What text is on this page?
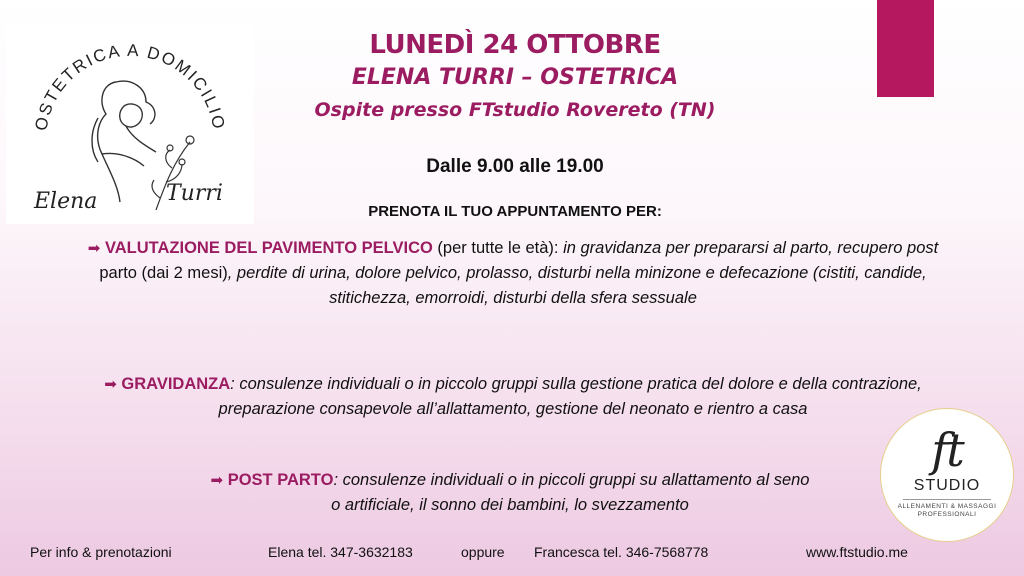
OSTETRICA A DOMICILIO
Elena	Turri
LUNEDÌ 24 OTTOBRE
ELENA TURRI – OSTETRICA
Ospite presso FTstudio Rovereto (TN)
Dalle 9.00 alle 19.00
PRENOTA IL TUO APPUNTAMENTO PER:
➡ VALUTAZIONE DEL PAVIMENTO PELVICO (per tutte le età): in gravidanza per prepararsi al parto, recupero post
parto (dai 2 mesi), perdite di urina, dolore pelvico, prolasso, disturbi nella minizone e defecazione (cistiti, candide,
stitichezza, emorroidi, disturbi della sfera sessuale
➡ GRAVIDANZA: consulenze individuali o in piccolo gruppi sulla gestione pratica del dolore e della contrazione,
preparazione consapevole all’allattamento, gestione del neonato e rientro a casa
➡ POST PARTO: consulenze individuali o in piccoli gruppi su allattamento al seno
o artificiale, il sonno dei bambini, lo svezzamento
ft
STUDIO
ALLENAMENTI & MASSAGGI PROFESSIONALI
Per info & prenotazioni	Elena tel. 347-3632183	oppure Francesca tel. 346-7568778	www.ftstudio.me
